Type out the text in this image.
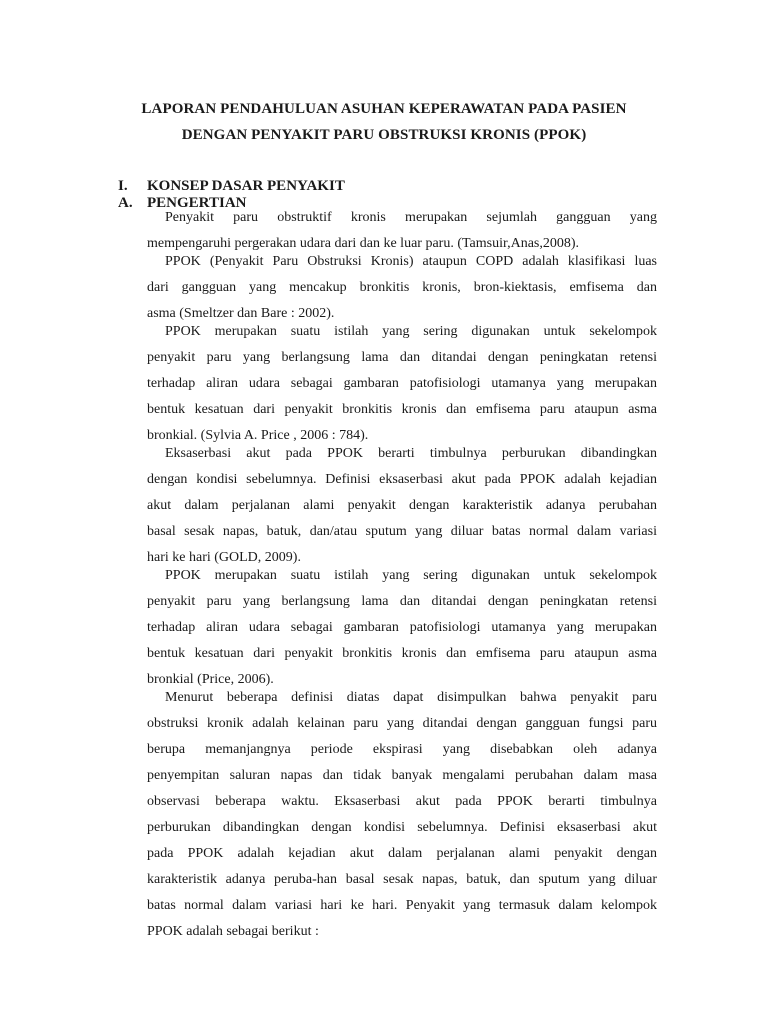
LAPORAN PENDAHULUAN ASUHAN KEPERAWATAN PADA PASIEN
DENGAN PENYAKIT PARU OBSTRUKSI KRONIS (PPOK)
I. KONSEP DASAR PENYAKIT
A. PENGERTIAN
Penyakit paru obstruktif kronis merupakan sejumlah gangguan yang
mempengaruhi pergerakan udara dari dan ke luar paru. (Tamsuir,Anas,2008).
PPOK (Penyakit Paru Obstruksi Kronis) ataupun COPD adalah klasifikasi luas
dari gangguan yang mencakup bronkitis kronis, bron-kiektasis, emfisema dan
asma (Smeltzer dan Bare : 2002).
PPOK merupakan suatu istilah yang sering digunakan untuk sekelompok
penyakit paru yang berlangsung lama dan ditandai dengan peningkatan retensi
terhadap aliran udara sebagai gambaran patofisiologi utamanya yang merupakan
bentuk kesatuan dari penyakit bronkitis kronis dan emfisema paru ataupun asma
bronkial. (Sylvia A. Price , 2006 : 784).
Eksaserbasi akut pada PPOK berarti timbulnya perburukan dibandingkan
dengan kondisi sebelumnya. Definisi eksaserbasi akut pada PPOK adalah kejadian
akut dalam perjalanan alami penyakit dengan karakteristik adanya perubahan
basal sesak napas, batuk, dan/atau sputum yang diluar batas normal dalam variasi
hari ke hari (GOLD, 2009).
PPOK merupakan suatu istilah yang sering digunakan untuk sekelompok
penyakit paru yang berlangsung lama dan ditandai dengan peningkatan retensi
terhadap aliran udara sebagai gambaran patofisiologi utamanya yang merupakan
bentuk kesatuan dari penyakit bronkitis kronis dan emfisema paru ataupun asma
bronkial (Price, 2006).
Menurut beberapa definisi diatas dapat disimpulkan bahwa penyakit paru
obstruksi kronik adalah kelainan paru yang ditandai dengan gangguan fungsi paru
berupa memanjangnya periode ekspirasi yang disebabkan oleh adanya
penyempitan saluran napas dan tidak banyak mengalami perubahan dalam masa
observasi beberapa waktu. Eksaserbasi akut pada PPOK berarti timbulnya
perburukan dibandingkan dengan kondisi sebelumnya. Definisi eksaserbasi akut
pada PPOK adalah kejadian akut dalam perjalanan alami penyakit dengan
karakteristik adanya peruba-han basal sesak napas, batuk, dan sputum yang diluar
batas normal dalam variasi hari ke hari. Penyakit yang termasuk dalam kelompok
PPOK adalah sebagai berikut :
